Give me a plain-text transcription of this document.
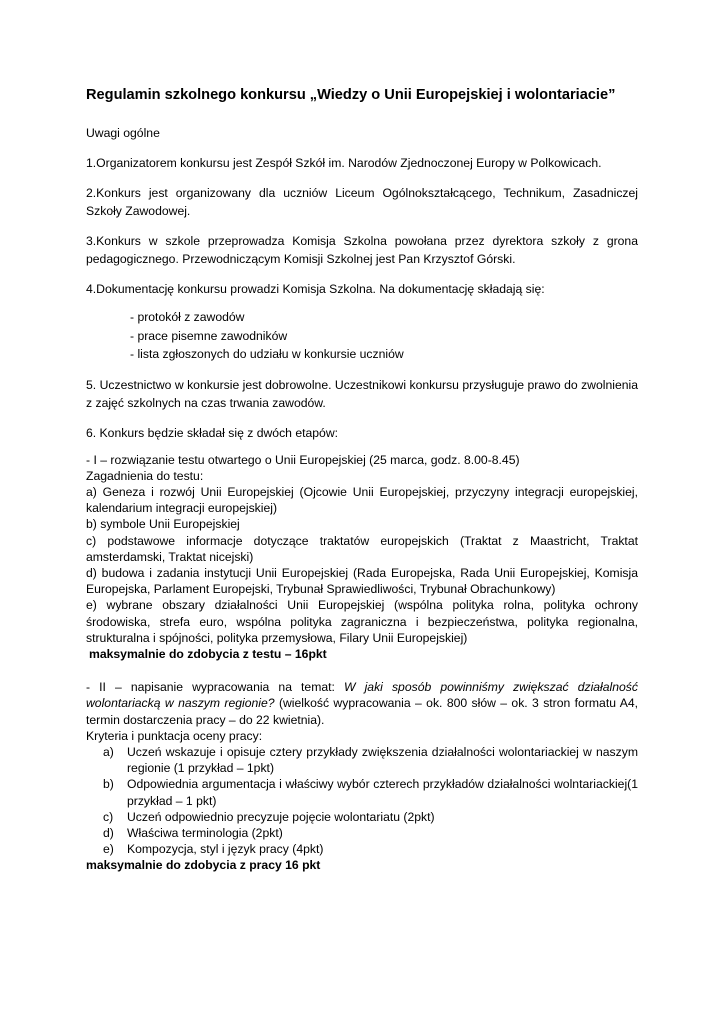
Regulamin szkolnego konkursu „Wiedzy o Unii Europejskiej i wolontariacie”

Uwagi ogólne

1.Organizatorem konkursu jest Zespół Szkół im. Narodów Zjednoczonej Europy w Polkowicach.

2.Konkurs jest organizowany dla uczniów Liceum Ogólnokształcącego, Technikum, Zasadniczej Szkoły Zawodowej.

3.Konkurs w szkole przeprowadza Komisja Szkolna powołana przez dyrektora szkoły z grona pedagogicznego. Przewodniczącym Komisji Szkolnej jest Pan Krzysztof Górski.

4.Dokumentację konkursu prowadzi Komisja Szkolna. Na dokumentację składają się:

- protokół z zawodów
- prace pisemne zawodników
- lista zgłoszonych do udziału w konkursie uczniów

5. Uczestnictwo w konkursie jest dobrowolne. Uczestnikowi konkursu przysługuje prawo do zwolnienia z zajęć szkolnych na czas trwania zawodów.

6. Konkurs będzie składał się z dwóch etapów:

- I – rozwiązanie testu otwartego o Unii Europejskiej (25 marca, godz. 8.00-8.45)

Zagadnienia do testu:

a) Geneza i rozwój Unii Europejskiej (Ojcowie Unii Europejskiej, przyczyny integracji europejskiej, kalendarium integracji europejskiej)

b) symbole Unii Europejskiej

c) podstawowe informacje dotyczące traktatów europejskich (Traktat z Maastricht, Traktat amsterdamski, Traktat nicejski)

d) budowa i zadania instytucji Unii Europejskiej (Rada Europejska, Rada Unii Europejskiej, Komisja Europejska, Parlament Europejski, Trybunał Sprawiedliwości, Trybunał Obrachunkowy)

e) wybrane obszary działalności Unii Europejskiej (wspólna polityka rolna, polityka ochrony środowiska, strefa euro, wspólna polityka zagraniczna i bezpieczeństwa, polityka regionalna, strukturalna i spójności, polityka przemysłowa, Filary Unii Europejskiej)

maksymalnie do zdobycia z testu – 16pkt

- II – napisanie wypracowania na temat: W jaki sposób powinniśmy zwiększać działalność wolontariacką w naszym regionie? (wielkość wypracowania – ok. 800 słów – ok. 3 stron formatu A4, termin dostarczenia pracy – do 22 kwietnia).

Kryteria i punktacja oceny pracy:

a) Uczeń wskazuje i opisuje cztery przykłady zwiększenia działalności wolontariackiej w naszym regionie (1 przykład – 1pkt)
b) Odpowiednia argumentacja i właściwy wybór czterech przykładów działalności wolntariackiej(1 przykład – 1 pkt)
c) Uczeń odpowiednio precyzuje pojęcie wolontariatu (2pkt)
d) Właściwa terminologia (2pkt)
e) Kompozycja, styl i język pracy (4pkt)

maksymalnie do zdobycia z pracy 16 pkt
